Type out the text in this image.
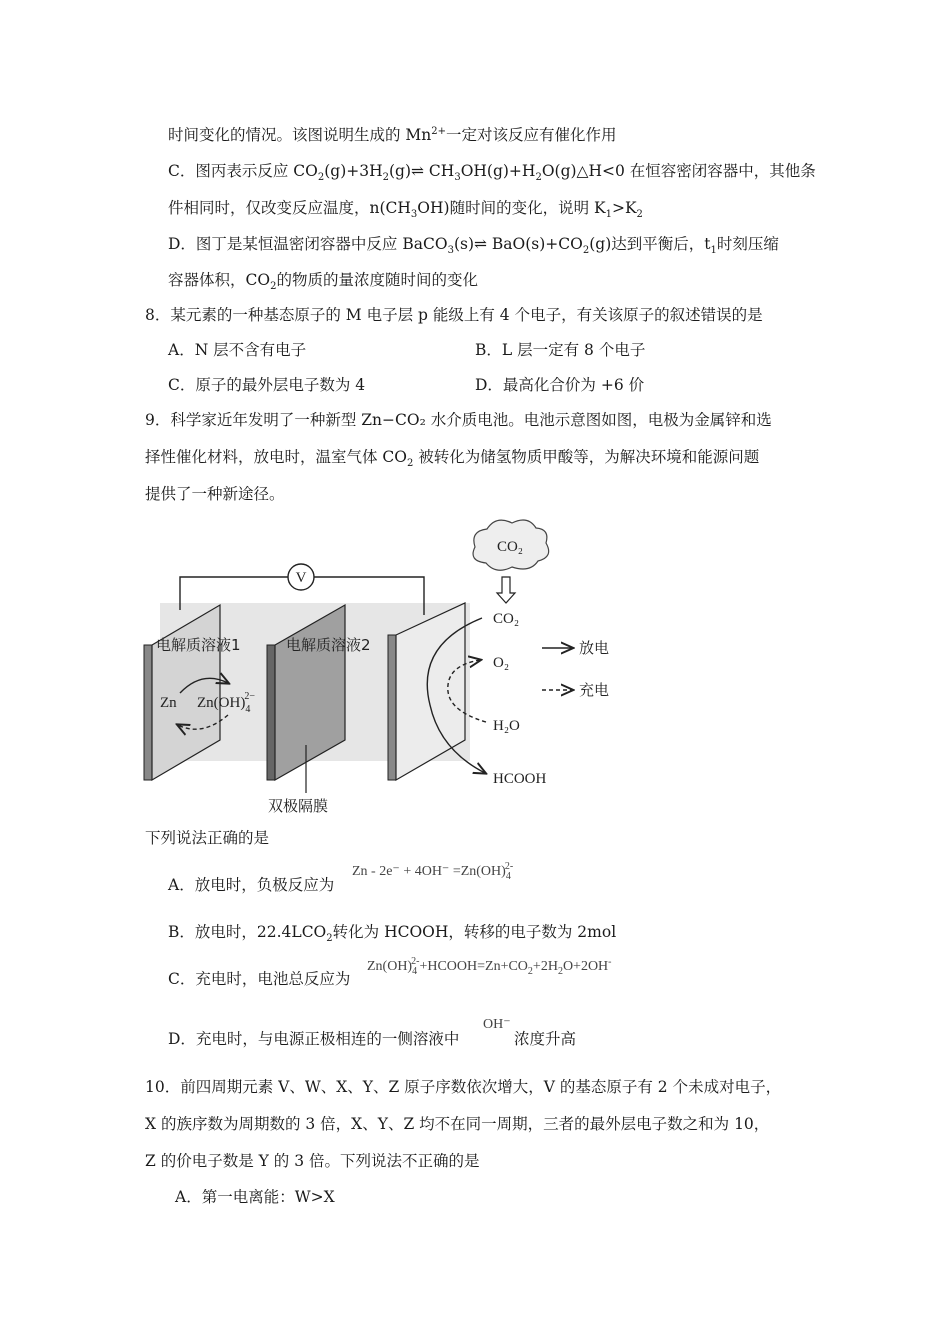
时间变化的情况。该图说明生成的 $Mn^{2+}$一定对该反应有催化作用
C．图丙表示反应 $CO_2(g)+3H_2(g)\rightleftharpoons$ $CH_3OH(g)+H_2O(g)\triangle H<0$ 在恒容密闭容器中，其他条
件相同时，仅改变反应温度，$n(CH_3OH)$随时间的变化，说明 $K_1>K_2$
D．图丁是某恒温密闭容器中反应 BaCO$_3$(s)⇌ $BaO(s)+CO_2(g)$达到平衡后，$t_1$时刻压缩
容器体积，$CO_2$的物质的量浓度随时间的变化
8．某元素的一种基态原子的 M 电子层 p 能级上有 4 个电子，有关该原子的叙述错误的是
A．N 层不含有电子	B．L 层一定有 8 个电子
C．原子的最外层电子数为 4	D．最高化合价为 +6 价
9．科学家近年发明了一种新型 Zn−CO₂ 水介质电池。电池示意图如图，电极为金属锌和选
择性催化材料，放电时，温室气体 $CO_2$ 被转化为储氢物质甲酸等，为解决环境和能源问题
提供了一种新途径。
V
电解质溶液1	电解质溶液2
Zn $Zn(OH)_42-$
双极隔膜
CO₂
CO₂
O₂
H₂O
HCOOH
放电
充电
下列说法正确的是
A．放电时，负极反应为
$Zn - 2e^- + 4OH^- =Zn(OH)_4^{2-}$
B．放电时，$22.4LCO_2$转化为 HCOOH，转移的电子数为 2mol
C．充电时，电池总反应为
$Zn(OH)_4^{2-}+HCOOH=Zn+CO_2+2H_2O+2OH^-$
D．充电时，与电源正极相连的一侧溶液中
OH⁻
浓度升高
10．前四周期元素 V、W、X、Y、Z 原子序数依次增大，V 的基态原子有 2 个未成对电子，
X 的族序数为周期数的 3 倍，X、Y、Z 均不在同一周期，三者的最外层电子数之和为 10，
Z 的价电子数是 Y 的 3 倍。下列说法不正确的是
A．第一电离能：W>X
